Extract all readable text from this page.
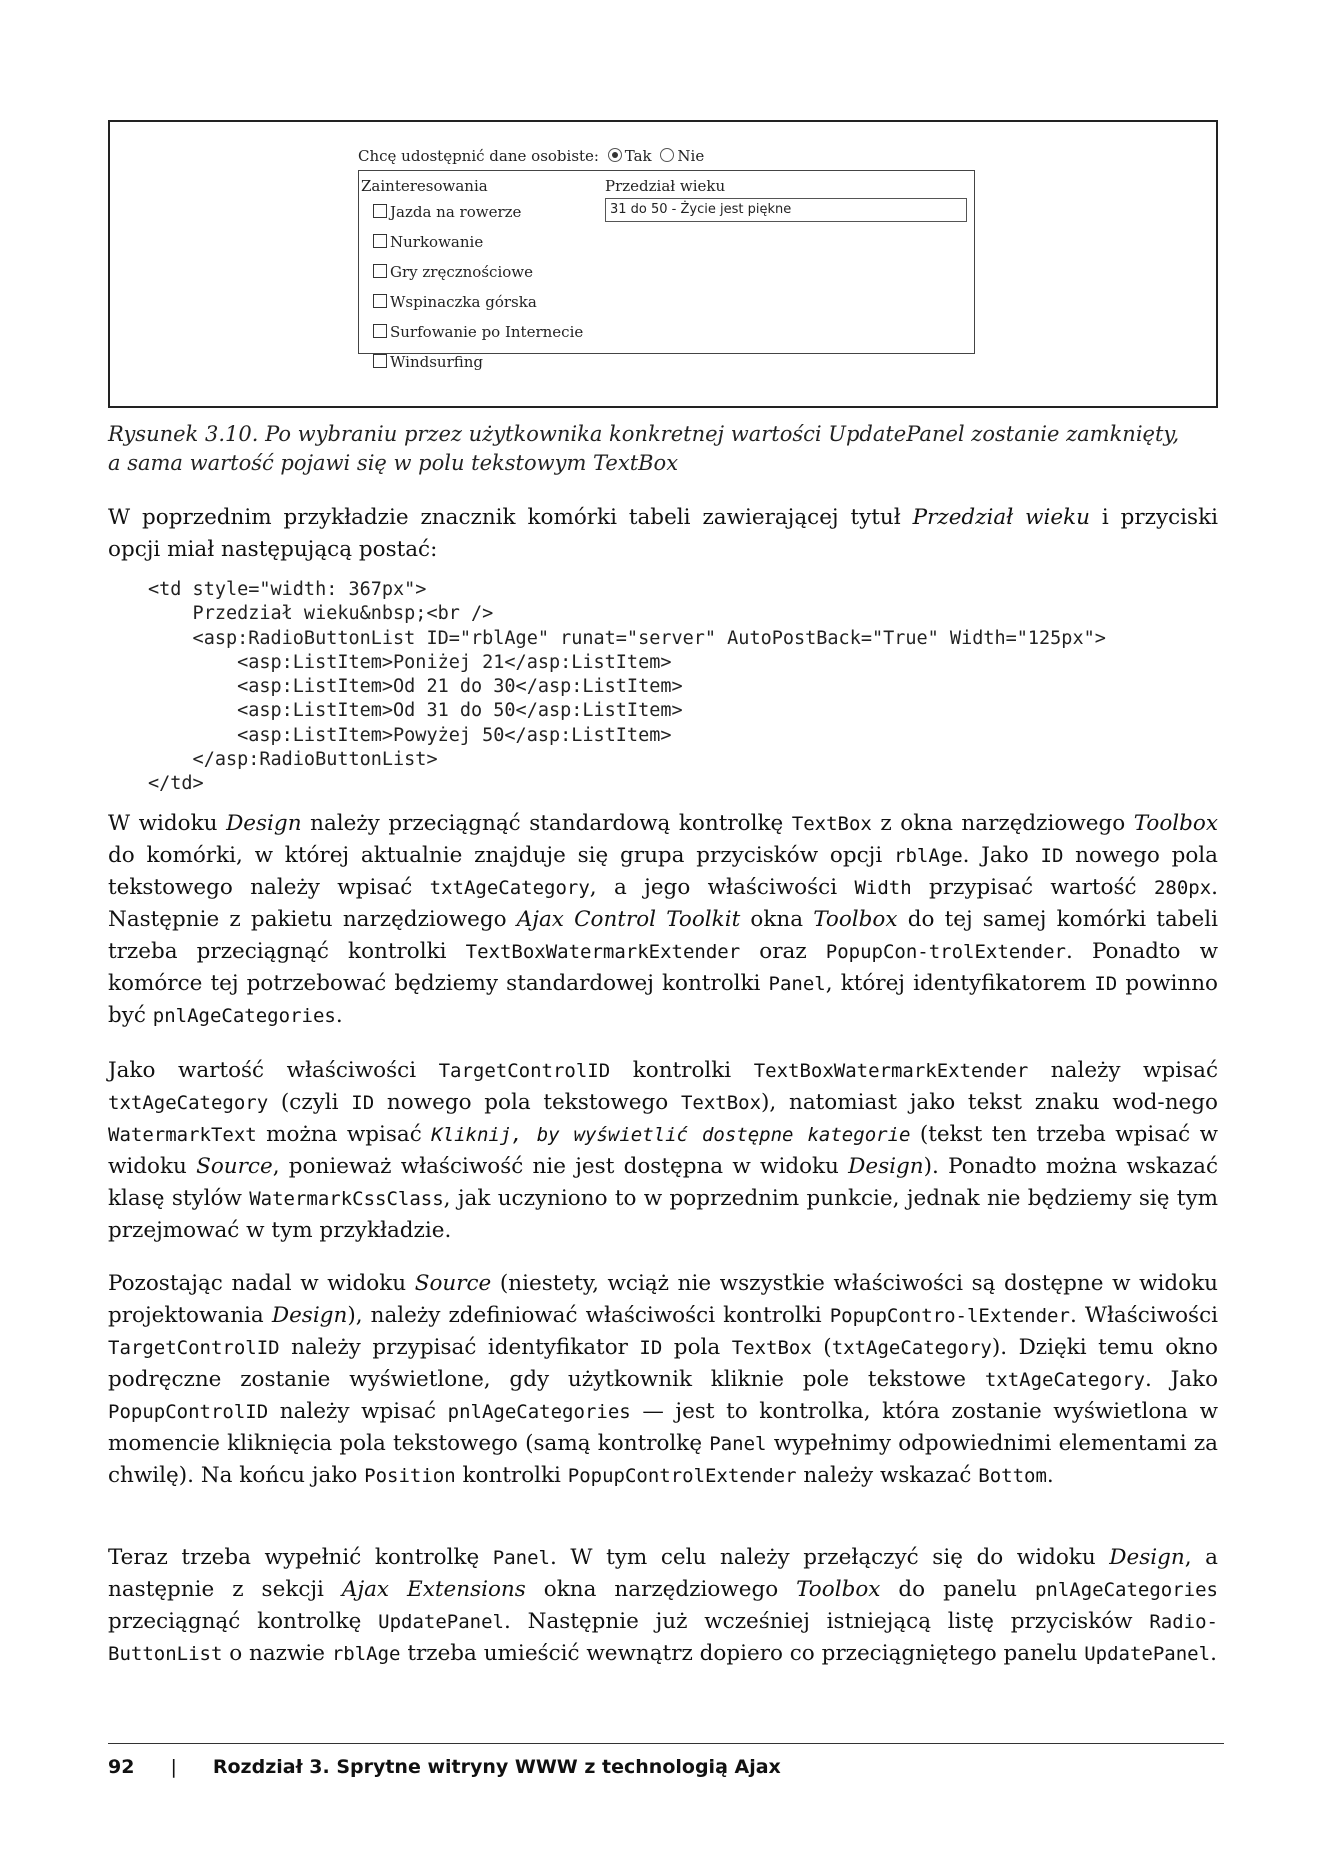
Chcę udostępnić dane osobiste: Tak Nie
Zainteresowania
Jazda na rowerze
Nurkowanie
Gry zręcznościowe
Wspinaczka górska
Surfowanie po Internecie
Windsurfing
Przedział wieku
31 do 50 - Życie jest piękne
Rysunek 3.10. Po wybraniu przez użytkownika konkretnej wartości UpdatePanel zostanie zamknięty,
a sama wartość pojawi się w polu tekstowym TextBox
W poprzednim przykładzie znacznik komórki tabeli zawierającej tytuł Przedział wieku i przyciski opcji miał następującą postać:
<td style="width: 367px">
Przedział wieku&nbsp;<br />
<asp:RadioButtonList ID="rblAge" runat="server" AutoPostBack="True" Width="125px">
<asp:ListItem>Poniżej 21</asp:ListItem>
<asp:ListItem>Od 21 do 30</asp:ListItem>
<asp:ListItem>Od 31 do 50</asp:ListItem>
<asp:ListItem>Powyżej 50</asp:ListItem>
</asp:RadioButtonList>
</td>
W widoku Design należy przeciągnąć standardową kontrolkę TextBox z okna narzędziowego Toolbox do komórki, w której aktualnie znajduje się grupa przycisków opcji rblAge. Jako ID nowego pola tekstowego należy wpisać txtAgeCategory, a jego właściwości Width przypisać wartość 280px. Następnie z pakietu narzędziowego Ajax Control Toolkit okna Toolbox do tej samej komórki tabeli trzeba przeciągnąć kontrolki TextBoxWatermarkExtender oraz PopupCon-trolExtender. Ponadto w komórce tej potrzebować będziemy standardowej kontrolki Panel, której identyfikatorem ID powinno być pnlAgeCategories.
Jako wartość właściwości TargetControlID kontrolki TextBoxWatermarkExtender należy wpisać txtAgeCategory (czyli ID nowego pola tekstowego TextBox), natomiast jako tekst znaku wod-nego WatermarkText można wpisać Kliknij, by wyświetlić dostępne kategorie (tekst ten trzeba wpisać w widoku Source, ponieważ właściwość nie jest dostępna w widoku Design). Ponadto można wskazać klasę stylów WatermarkCssClass, jak uczyniono to w poprzednim punkcie, jednak nie będziemy się tym przejmować w tym przykładzie.
Pozostając nadal w widoku Source (niestety, wciąż nie wszystkie właściwości są dostępne w widoku projektowania Design), należy zdefiniować właściwości kontrolki PopupContro-lExtender. Właściwości TargetControlID należy przypisać identyfikator ID pola TextBox (txtAgeCategory). Dzięki temu okno podręczne zostanie wyświetlone, gdy użytkownik kliknie pole tekstowe txtAgeCategory. Jako PopupControlID należy wpisać pnlAgeCategories — jest to kontrolka, która zostanie wyświetlona w momencie kliknięcia pola tekstowego (samą kontrolkę Panel wypełnimy odpowiednimi elementami za chwilę). Na końcu jako Position kontrolki PopupControlExtender należy wskazać Bottom.
Teraz trzeba wypełnić kontrolkę Panel. W tym celu należy przełączyć się do widoku Design, a następnie z sekcji Ajax Extensions okna narzędziowego Toolbox do panelu pnlAgeCategories przeciągnąć kontrolkę UpdatePanel. Następnie już wcześniej istniejącą listę przycisków Radio-ButtonList o nazwie rblAge trzeba umieścić wewnątrz dopiero co przeciągniętego panelu UpdatePanel.
92 | Rozdział 3. Sprytne witryny WWW z technologią Ajax
